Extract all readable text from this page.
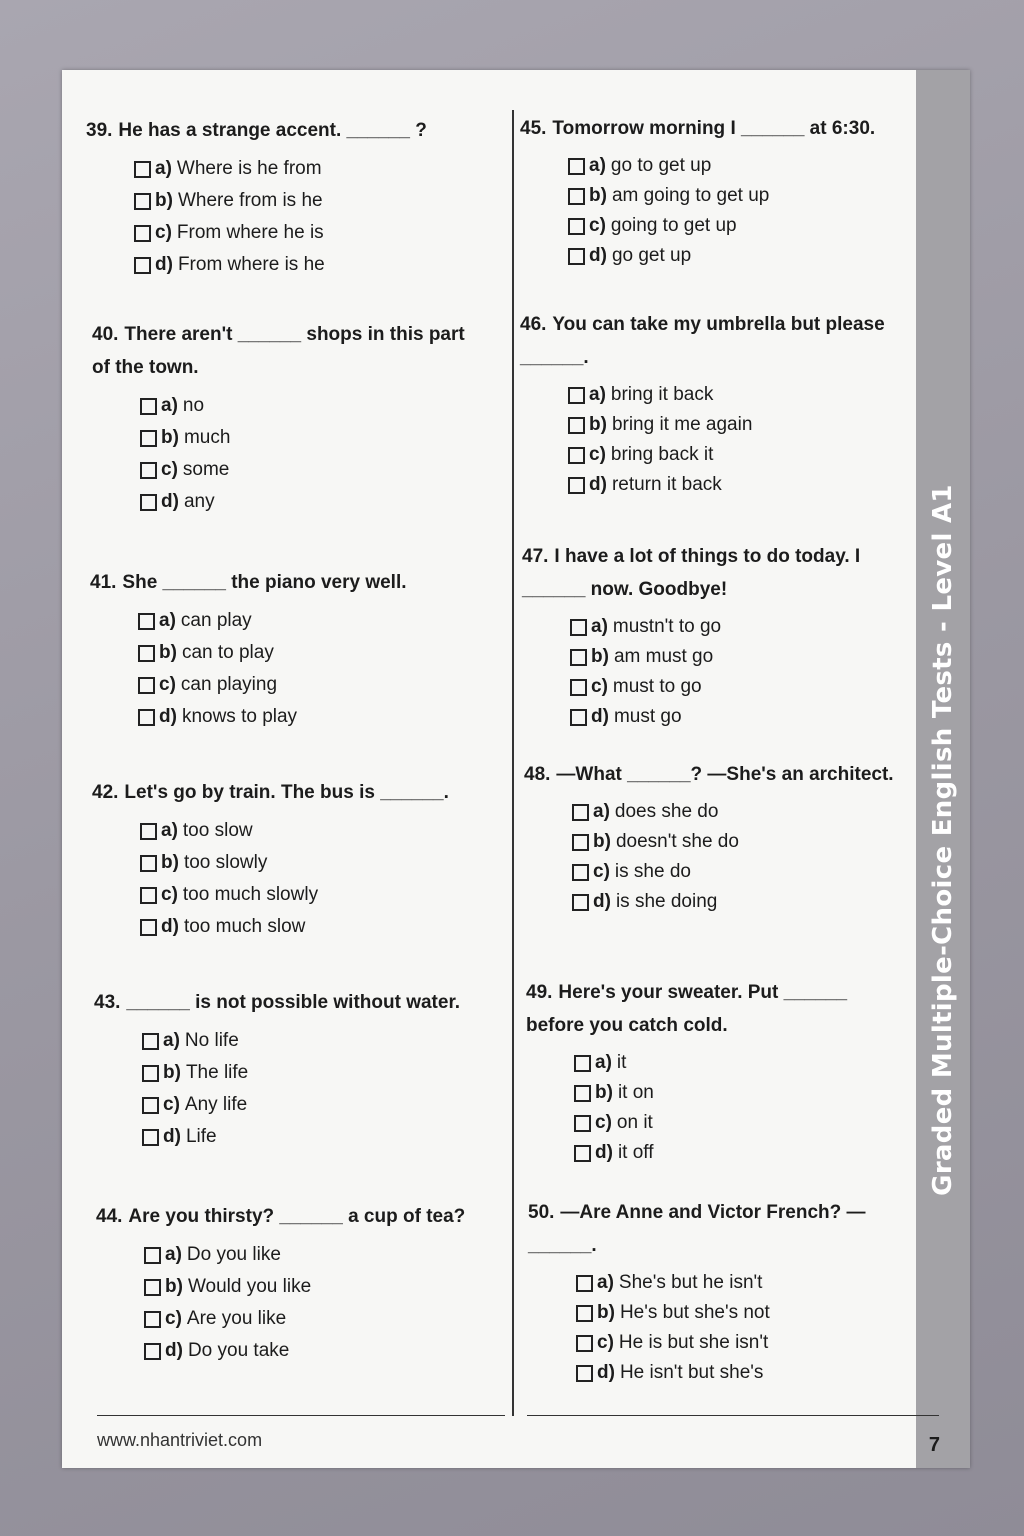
Graded Multiple-Choice English Tests - Level A1
39. He has a strange accent. ______ ?
a) Where is he from
b) Where from is he
c) From where he is
d) From where is he
40. There aren't ______ shops in this part of the town.
a) no
b) much
c) some
d) any
41. She ______ the piano very well.
a) can play
b) can to play
c) can playing
d) knows to play
42. Let's go by train. The bus is ______.
a) too slow
b) too slowly
c) too much slowly
d) too much slow
43. ______ is not possible without water.
a) No life
b) The life
c) Any life
d) Life
44. Are you thirsty? ______ a cup of tea?
a) Do you like
b) Would you like
c) Are you like
d) Do you take
45. Tomorrow morning I ______ at 6:30.
a) go to get up
b) am going to get up
c) going to get up
d) go get up
46. You can take my umbrella but please ______.
a) bring it back
b) bring it me again
c) bring back it
d) return it back
47. I have a lot of things to do today. I ______ now. Goodbye!
a) mustn't to go
b) am must go
c) must to go
d) must go
48. —What ______? —She's an architect.
a) does she do
b) doesn't she do
c) is she do
d) is she doing
49. Here's your sweater. Put ______ before you catch cold.
a) it
b) it on
c) on it
d) it off
50. —Are Anne and Victor French? —______.
a) She's but he isn't
b) He's but she's not
c) He is but she isn't
d) He isn't but she's
www.nhantriviet.com	7
